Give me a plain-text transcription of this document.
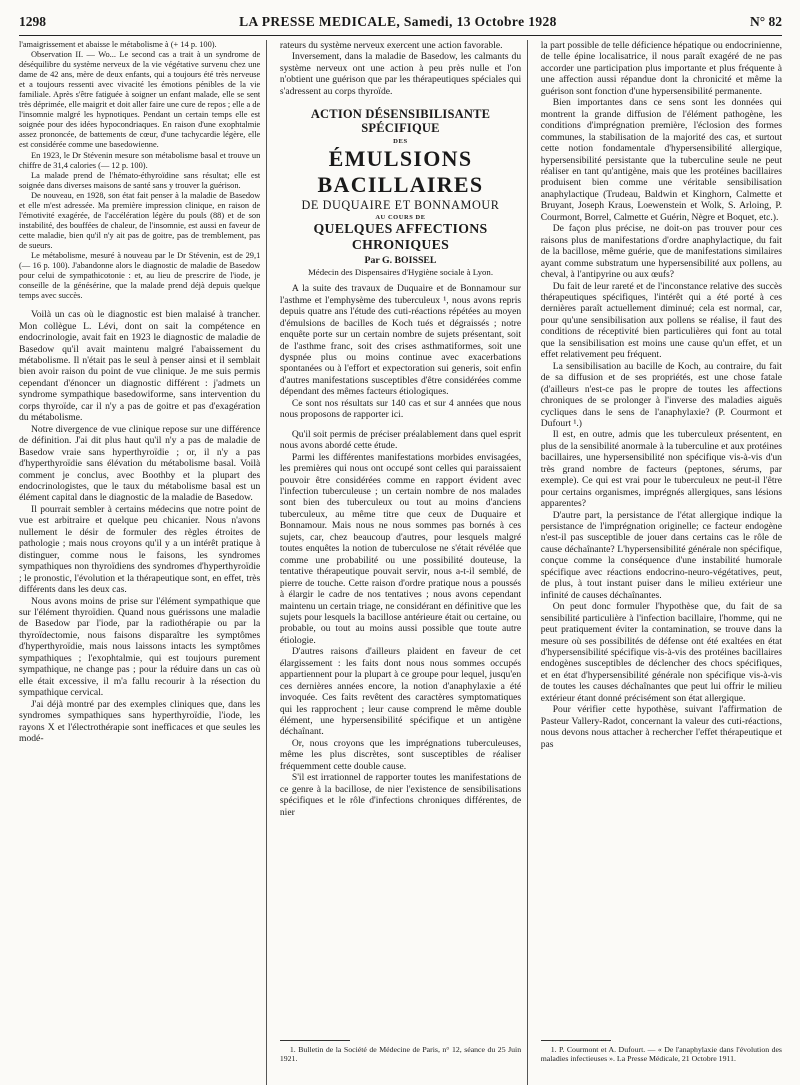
1298	LA PRESSE MEDICALE, Samedi, 13 Octobre 1928	N° 82

l'amaigrissement et abaisse le métabolisme à (+ 14 p. 100).

Observation II. — Wo... Le second cas a trait à un syndrome de déséquilibre du système nerveux de la vie végétative survenu chez une dame de 42 ans, mère de deux enfants, qui a toujours été très nerveuse et a toujours ressenti avec vivacité les émotions pénibles de la vie familiale. Après s'être fatiguée à soigner un enfant malade, elle se sent très déprimée, elle maigrit et doit aller faire une cure de repos ; elle a de l'insomnie malgré les hypnotiques. Pendant un certain temps elle est soignée pour des idées hypocondriaques. En raison d'une exophtalmie assez prononcée, de battements de cœur, d'une tachycardie légère, elle est considérée comme une basedowienne.

En 1923, le Dr Stévenin mesure son métabolisme basal et trouve un chiffre de 31,4 calories (— 12 p. 100).

La malade prend de l'hémato-éthyroïdine sans résultat; elle est soignée dans diverses maisons de santé sans y trouver la guérison.

De nouveau, en 1928, son état fait penser à la maladie de Basedow et elle m'est adressée. Ma première impression clinique, en raison de l'émotivité exagérée, de l'accélération légère du pouls (88) et de son instabilité, des bouffées de chaleur, de l'insomnie, est aussi en faveur de cette maladie, bien qu'il n'y ait pas de goitre, pas de tremblement, pas de sueurs.

Le métabolisme, mesuré à nouveau par le Dr Stévenin, est de 29,1 (— 16 p. 100). J'abandonne alors le diagnostic de maladie de Basedow pour celui de sympathicotonie : et, au lieu de prescrire de l'iode, je conseille de la génésérine, que la malade prend déjà depuis quelque temps avec succès.

Voilà un cas où le diagnostic est bien malaisé à trancher. Mon collègue L. Lévi, dont on sait la compétence en endocrinologie, avait fait en 1923 le diagnostic de maladie de Basedow qu'il avait maintenu malgré l'abaissement du métabolisme. Il n'était pas le seul à penser ainsi et il semblait bien avoir raison du point de vue clinique. Je me suis permis cependant d'énoncer un diagnostic différent : j'admets un syndrome sympathique basedowiforme, sans intervention du corps thyroïde, car il n'y a pas de goitre et pas d'exagération du métabolisme.

Notre divergence de vue clinique repose sur une différence de définition. J'ai dit plus haut qu'il n'y a pas de maladie de Basedow vraie sans hyperthyroïdie ; or, il n'y a pas d'hyperthyroïdie sans élévation du métabolisme basal. Voilà comment je conclus, avec Boothby et la plupart des endocrinologistes, que le taux du métabolisme basal est un élément capital dans le diagnostic de la maladie de Basedow.

Il pourrait sembler à certains médecins que notre point de vue est arbitraire et quelque peu chicanier. Nous n'avons nullement le désir de formuler des règles étroites de pathologie ; mais nous croyons qu'il y a un intérêt pratique à distinguer, comme nous le faisons, les syndromes sympathiques non thyroïdiens des syndromes d'hyperthyroïdie ; le pronostic, l'évolution et la thérapeutique sont, en effet, très différents dans les deux cas.

Nous avons moins de prise sur l'élément sympathique que sur l'élément thyroïdien. Quand nous guérissons une maladie de Basedow par l'iode, par la radiothérapie ou par la thyroïdectomie, nous faisons disparaître les symptômes d'hyperthyroïdie, mais nous laissons intacts les symptômes sympathiques ; l'exophtalmie, qui est toujours purement sympathique, ne change pas ; pour la réduire dans un cas où elle était excessive, il m'a fallu recourir à la résection du sympathique cervical.

J'ai déjà montré par des exemples cliniques que, dans les syndromes sympathiques sans hyperthyroïdie, l'iode, les rayons X et l'électrothérapie sont inefficaces et que seules les modé-

rateurs du système nerveux exercent une action favorable.

Inversement, dans la maladie de Basedow, les calmants du système nerveux ont une action à peu près nulle et l'on n'obtient une guérison que par les thérapeutiques spéciales qui s'adressent au corps thyroïde.

ACTION DÉSENSIBILISANTE SPÉCIFIQUE
DES
ÉMULSIONS BACILLAIRES
DE DUQUAIRE ET BONNAMOUR
AU COURS DE
QUELQUES AFFECTIONS CHRONIQUES
Par G. BOISSEL
Médecin des Dispensaires d'Hygiène sociale à Lyon.

A la suite des travaux de Duquaire et de Bonnamour sur l'asthme et l'emphysème des tuberculeux ¹, nous avons repris depuis quatre ans l'étude des cuti-réactions répétées au moyen d'émulsions de bacilles de Koch tués et dégraissés ; notre enquête porte sur un certain nombre de sujets présentant, soit de l'asthme franc, soit des crises asthmatiformes, soit une dyspnée plus ou moins continue avec exacerbations spontanées ou à l'effort et expectoration sui generis, soit enfin d'autres manifestations susceptibles d'être considérées comme dépendant des mêmes facteurs étiologiques.

Ce sont nos résultats sur 140 cas et sur 4 années que nous nous proposons de rapporter ici.

Qu'il soit permis de préciser préalablement dans quel esprit nous avons abordé cette étude.

Parmi les différentes manifestations morbides envisagées, les premières qui nous ont occupé sont celles qui paraissaient pouvoir être considérées comme en rapport évident avec l'infection tuberculeuse ; un certain nombre de nos malades sont bien des tuberculeux ou tout au moins d'anciens tuberculeux, au même titre que ceux de Duquaire et Bonnamour. Mais nous ne nous sommes pas bornés à ces sujets, car, chez beaucoup d'autres, pour lesquels malgré toutes enquêtes la notion de tuberculose ne s'était révélée que comme une probabilité ou une possibilité douteuse, la tentative thérapeutique pouvait servir, nous a-t-il semblé, de pierre de touche. Cette raison d'ordre pratique nous a poussés à élargir le cadre de nos tentatives ; nous avons cependant maintenu un certain triage, ne considérant en définitive que les sujets pour lesquels la bacillose antérieure était ou certaine, ou probable, ou tout au moins aussi possible que toute autre étiologie.

D'autres raisons d'ailleurs plaident en faveur de cet élargissement : les faits dont nous nous sommes occupés appartiennent pour la plupart à ce groupe pour lequel, jusqu'en ces dernières années encore, la notion d'anaphylaxie a été invoquée. Ces faits revêtent des caractères symptomatiques qui les rapprochent ; leur cause comprend le même double élément, une hypersensibilité spécifique et un antigène déchaînant.

Or, nous croyons que les imprégnations tuberculeuses, même les plus discrètes, sont susceptibles de réaliser fréquemment cette double cause.

S'il est irrationnel de rapporter toutes les manifestations de ce genre à la bacillose, de nier l'existence de sensibilisations spécifiques et le rôle d'infections chroniques différentes, de nier

1. Bulletin de la Société de Médecine de Paris, n° 12, séance du 25 Juin 1921.

la part possible de telle déficience hépatique ou endocrinienne, de telle épine localisatrice, il nous paraît exagéré de ne pas accorder une participation plus importante et plus fréquente à une affection aussi répandue dont la chronicité et même la guérison sont fonction d'une hypersensibilité permanente.

Bien importantes dans ce sens sont les données qui montrent la grande diffusion de l'élément pathogène, les conditions d'imprégnation première, l'éclosion des formes communes, la stabilisation de la majorité des cas, et surtout cette notion fondamentale d'hypersensibilité allergique, hypersensibilité persistante que la tuberculine seule ne peut réaliser en tant qu'antigène, mais que les protéines bacillaires produisent bien comme une véritable sensibilisation anaphylactique (Trudeau, Baldwin et Kinghorn, Calmette et Bruyant, Joseph Kraus, Loewenstein et Wolk, S. Arloing, P. Courmont, Borrel, Calmette et Guérin, Nègre et Boquet, etc.).

De façon plus précise, ne doit-on pas trouver pour ces raisons plus de manifestations d'ordre anaphylactique, du fait de la bacillose, même guérie, que de manifestations similaires ayant comme substratum une hypersensibilité aux pollens, au cheval, à l'antipyrine ou aux œufs?

Du fait de leur rareté et de l'inconstance relative des succès thérapeutiques spécifiques, l'intérêt qui a été porté à ces dernières paraît actuellement diminué; cela est normal, car, pour qu'une sensibilisation aux pollens se réalise, il faut des conditions de réceptivité bien particulières qui font au total que la sensibilisation est moins une cause qu'un effet, et un effet relativement peu fréquent.

La sensibilisation au bacille de Koch, au contraire, du fait de sa diffusion et de ses propriétés, est une chose fatale (d'ailleurs n'est-ce pas le propre de toutes les affections chroniques de se prolonger à l'inverse des maladies aiguës cycliques dans le sens de l'anaphylaxie? (P. Courmont et Dufourt ¹.)

Il est, en outre, admis que les tuberculeux présentent, en plus de la sensibilité anormale à la tuberculine et aux protéines bacillaires, une hypersensibilité non spécifique vis-à-vis d'un très grand nombre de facteurs (peptones, sérums, par exemple). Ce qui est vrai pour le tuberculeux ne peut-il l'être pour certains organismes, imprégnés allergiques, sans lésions apparentes?

D'autre part, la persistance de l'état allergique indique la persistance de l'imprégnation originelle; ce facteur endogène n'est-il pas susceptible de jouer dans certains cas le rôle de cause déchaînante? L'hypersensibilité générale non spécifique, conçue comme la conséquence d'une instabilité humorale spécifique avec réactions endocrino-neuro-végétatives, peut, de plus, à tout instant puiser dans le milieu extérieur une infinité de causes déchaînantes.

On peut donc formuler l'hypothèse que, du fait de sa sensibilité particulière à l'infection bacillaire, l'homme, qui ne peut pratiquement éviter la contamination, se trouve dans la mesure où ses possibilités de défense ont été exaltées en état d'hypersensibilité spécifique vis-à-vis des protéines bacillaires endogènes susceptibles de déclencher des chocs spécifiques, et en état d'hypersensibilité générale non spécifique vis-à-vis de toutes les causes déchaînantes que peut lui offrir le milieu extérieur étant donné précisément son état allergique.

Pour vérifier cette hypothèse, suivant l'affirmation de Pasteur Vallery-Radot, concernant la valeur des cuti-réactions, nous devons nous attacher à rechercher l'effet thérapeutique et pas

1. P. Courmont et A. Dufourt. — « De l'anaphylaxie dans l'évolution des maladies infectieuses ». La Presse Médicale, 21 Octobre 1911.
